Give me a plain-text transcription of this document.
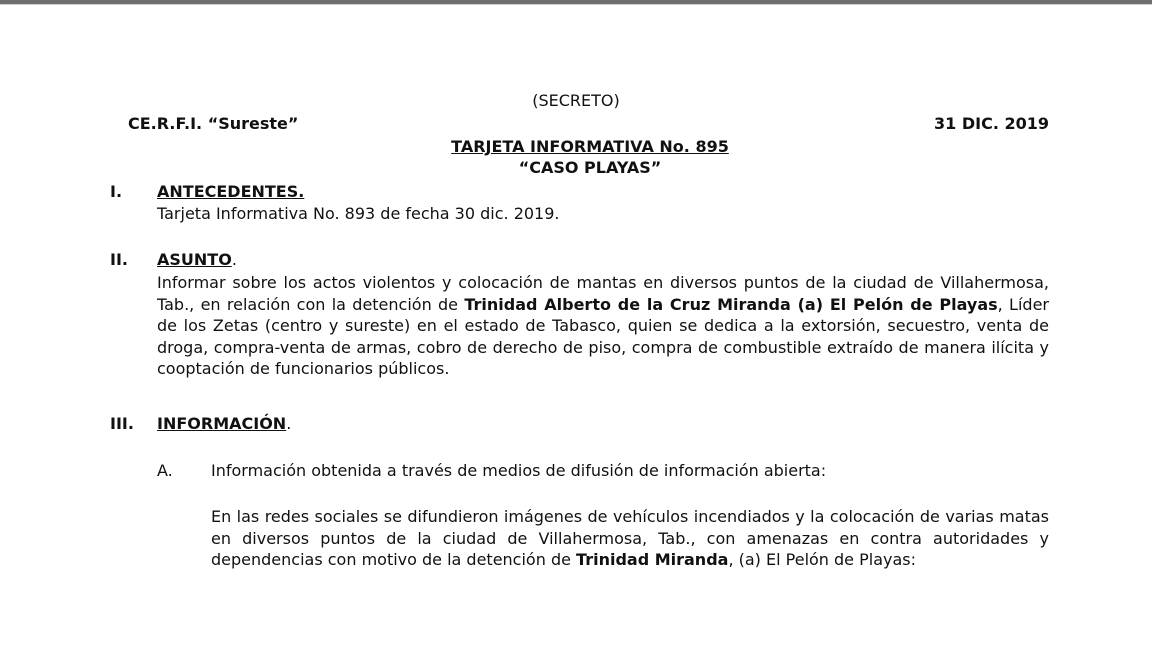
(SECRETO)
CE.R.F.I. “Sureste”	31 DIC. 2019
TARJETA INFORMATIVA No. 895
“CASO PLAYAS”
I. ANTECEDENTES.
Tarjeta Informativa No. 893 de fecha 30 dic. 2019.
II. ASUNTO.
Informar sobre los actos violentos y colocación de mantas en diversos puntos de la ciudad de Villahermosa, Tab., en relación con la detención de Trinidad Alberto de la Cruz Miranda (a) El Pelón de Playas, Líder de los Zetas (centro y sureste) en el estado de Tabasco, quien se dedica a la extorsión, secuestro, venta de droga, compra-venta de armas, cobro de derecho de piso, compra de combustible extraído de manera ilícita y cooptación de funcionarios públicos.
III. INFORMACIÓN.
A. Información obtenida a través de medios de difusión de información abierta:
En las redes sociales se difundieron imágenes de vehículos incendiados y la colocación de varias matas en diversos puntos de la ciudad de Villahermosa, Tab., con amenazas en contra autoridades y dependencias con motivo de la detención de Trinidad Miranda, (a) El Pelón de Playas:
